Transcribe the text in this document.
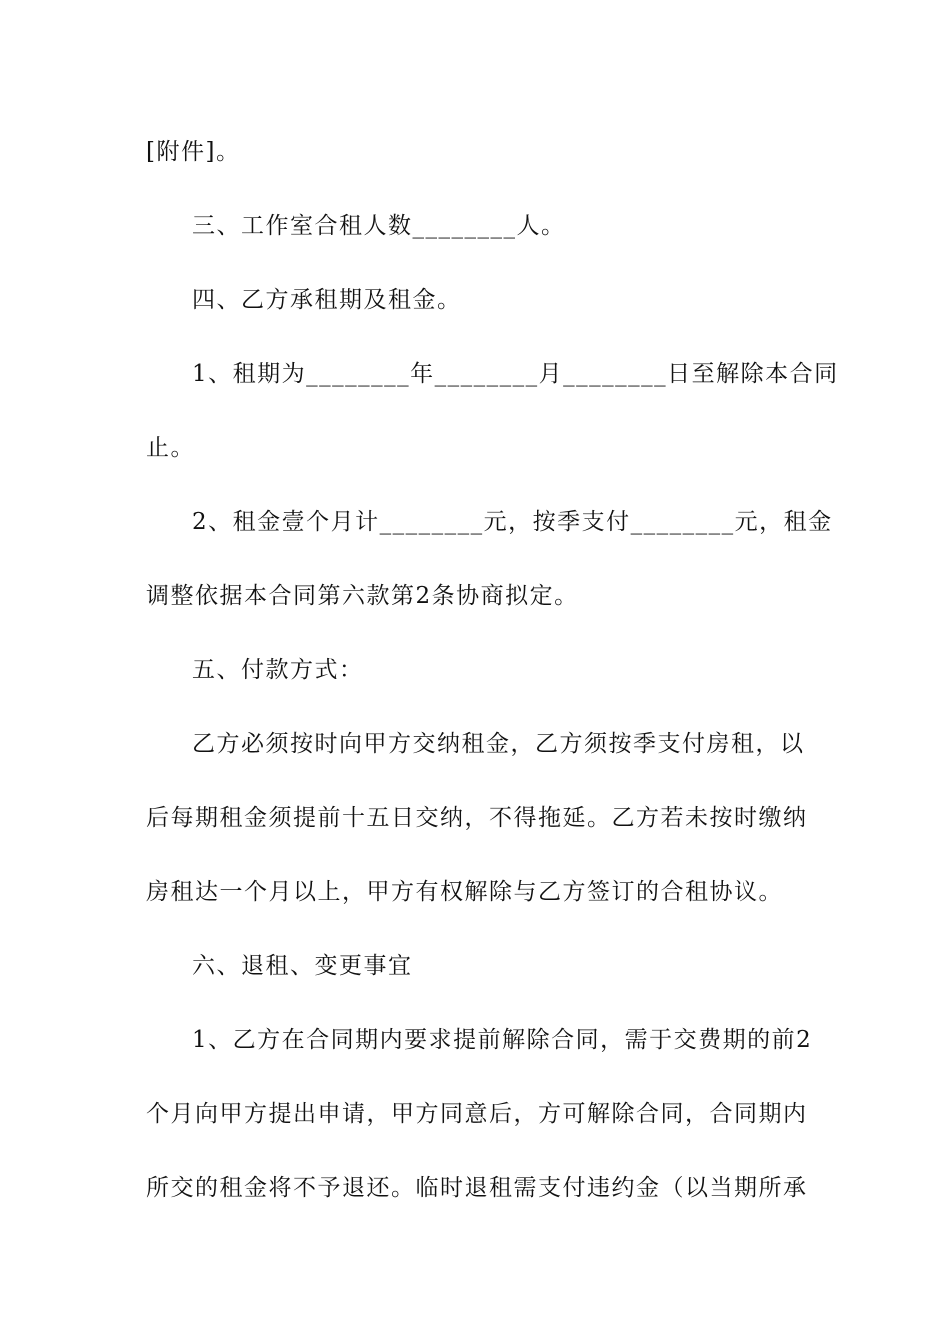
[附件]。
三、工作室合租人数________人。
四、乙方承租期及租金。
1、租期为________年________月________日至解除本合同
止。
2、租金壹个月计________元，按季支付________元，租金
调整依据本合同第六款第2条协商拟定。
五、付款方式：
乙方必须按时向甲方交纳租金，乙方须按季支付房租，以
后每期租金须提前十五日交纳，不得拖延。乙方若未按时缴纳
房租达一个月以上，甲方有权解除与乙方签订的合租协议。
六、退租、变更事宜
1、乙方在合同期内要求提前解除合同，需于交费期的前2
个月向甲方提出申请，甲方同意后，方可解除合同，合同期内
所交的租金将不予退还。临时退租需支付违约金（以当期所承
